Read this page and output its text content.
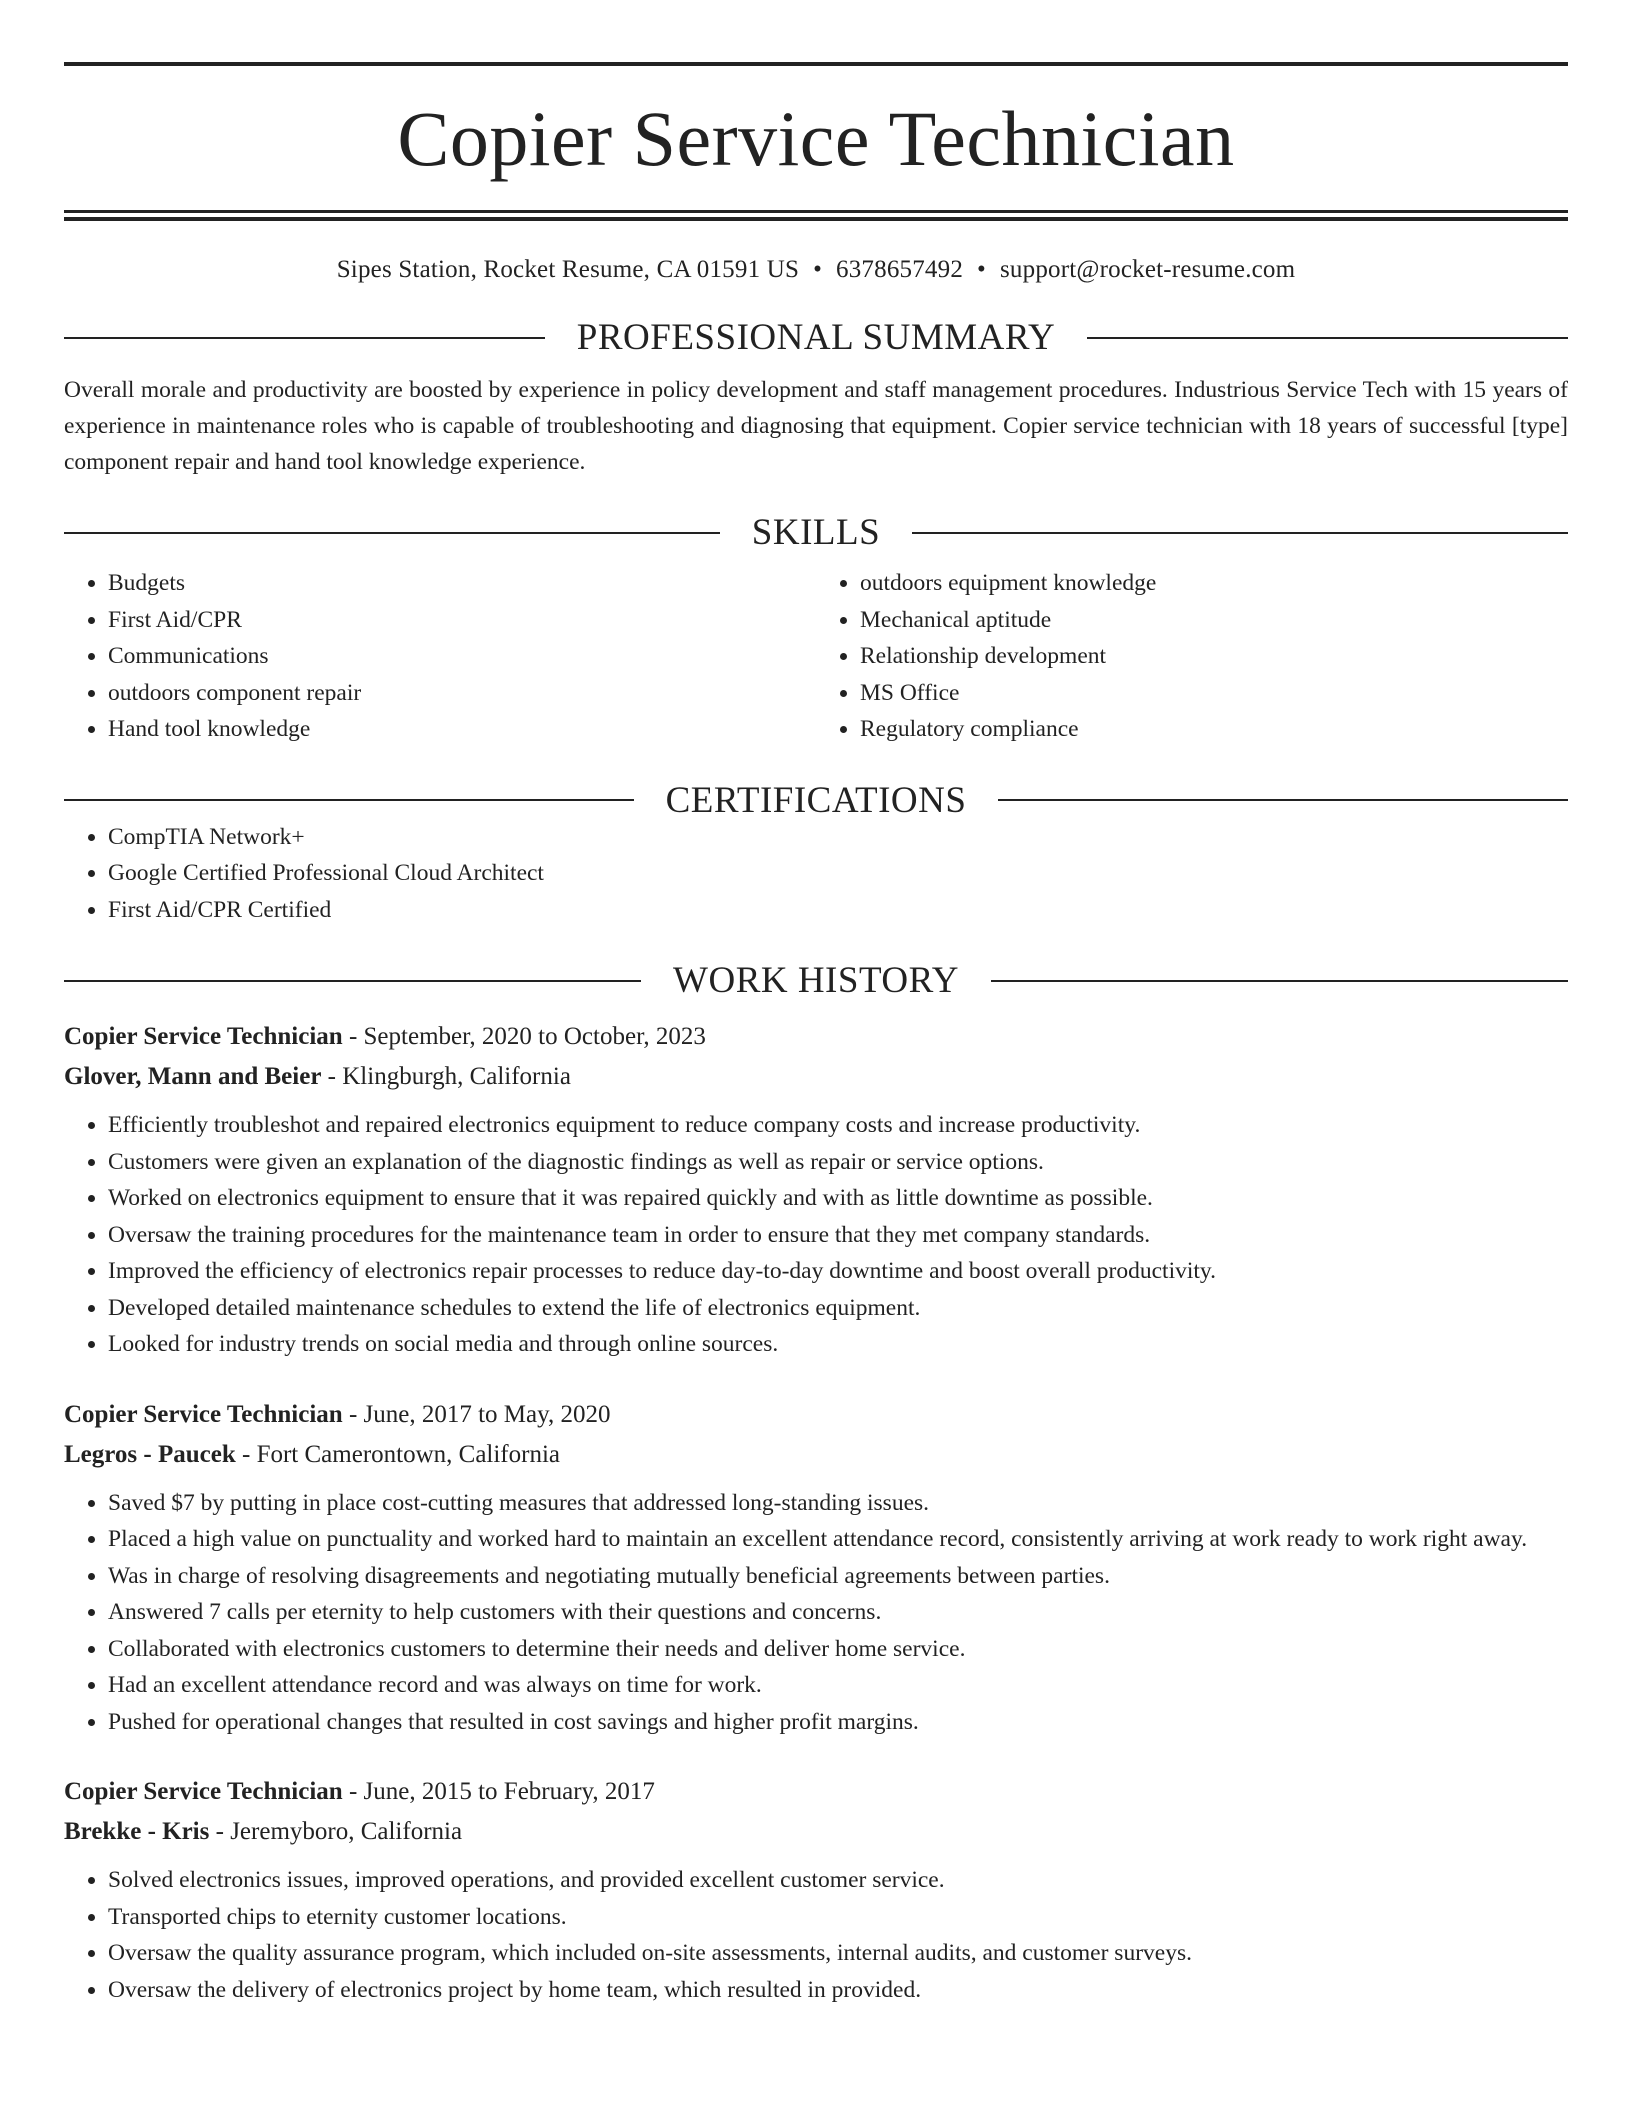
Copier Service Technician
Sipes Station, Rocket Resume, CA 01591 US • 6378657492 • support@rocket-resume.com
PROFESSIONAL SUMMARY
Overall morale and productivity are boosted by experience in policy development and staff management procedures. Industrious Service Tech with 15 years of experience in maintenance roles who is capable of troubleshooting and diagnosing that equipment. Copier service technician with 18 years of successful [type] component repair and hand tool knowledge experience.
SKILLS
• Budgets
• First Aid/CPR
• Communications
• outdoors component repair
• Hand tool knowledge
• outdoors equipment knowledge
• Mechanical aptitude
• Relationship development
• MS Office
• Regulatory compliance
CERTIFICATIONS
• CompTIA Network+
• Google Certified Professional Cloud Architect
• First Aid/CPR Certified
WORK HISTORY
Copier Service Technician - September, 2020 to October, 2023
Glover, Mann and Beier - Klingburgh, California
• Efficiently troubleshot and repaired electronics equipment to reduce company costs and increase productivity.
• Customers were given an explanation of the diagnostic findings as well as repair or service options.
• Worked on electronics equipment to ensure that it was repaired quickly and with as little downtime as possible.
• Oversaw the training procedures for the maintenance team in order to ensure that they met company standards.
• Improved the efficiency of electronics repair processes to reduce day-to-day downtime and boost overall productivity.
• Developed detailed maintenance schedules to extend the life of electronics equipment.
• Looked for industry trends on social media and through online sources.
Copier Service Technician - June, 2017 to May, 2020
Legros - Paucek - Fort Camerontown, California
• Saved $7 by putting in place cost-cutting measures that addressed long-standing issues.
• Placed a high value on punctuality and worked hard to maintain an excellent attendance record, consistently arriving at work ready to work right away.
• Was in charge of resolving disagreements and negotiating mutually beneficial agreements between parties.
• Answered 7 calls per eternity to help customers with their questions and concerns.
• Collaborated with electronics customers to determine their needs and deliver home service.
• Had an excellent attendance record and was always on time for work.
• Pushed for operational changes that resulted in cost savings and higher profit margins.
Copier Service Technician - June, 2015 to February, 2017
Brekke - Kris - Jeremyboro, California
• Solved electronics issues, improved operations, and provided excellent customer service.
• Transported chips to eternity customer locations.
• Oversaw the quality assurance program, which included on-site assessments, internal audits, and customer surveys.
• Oversaw the delivery of electronics project by home team, which resulted in provided.
